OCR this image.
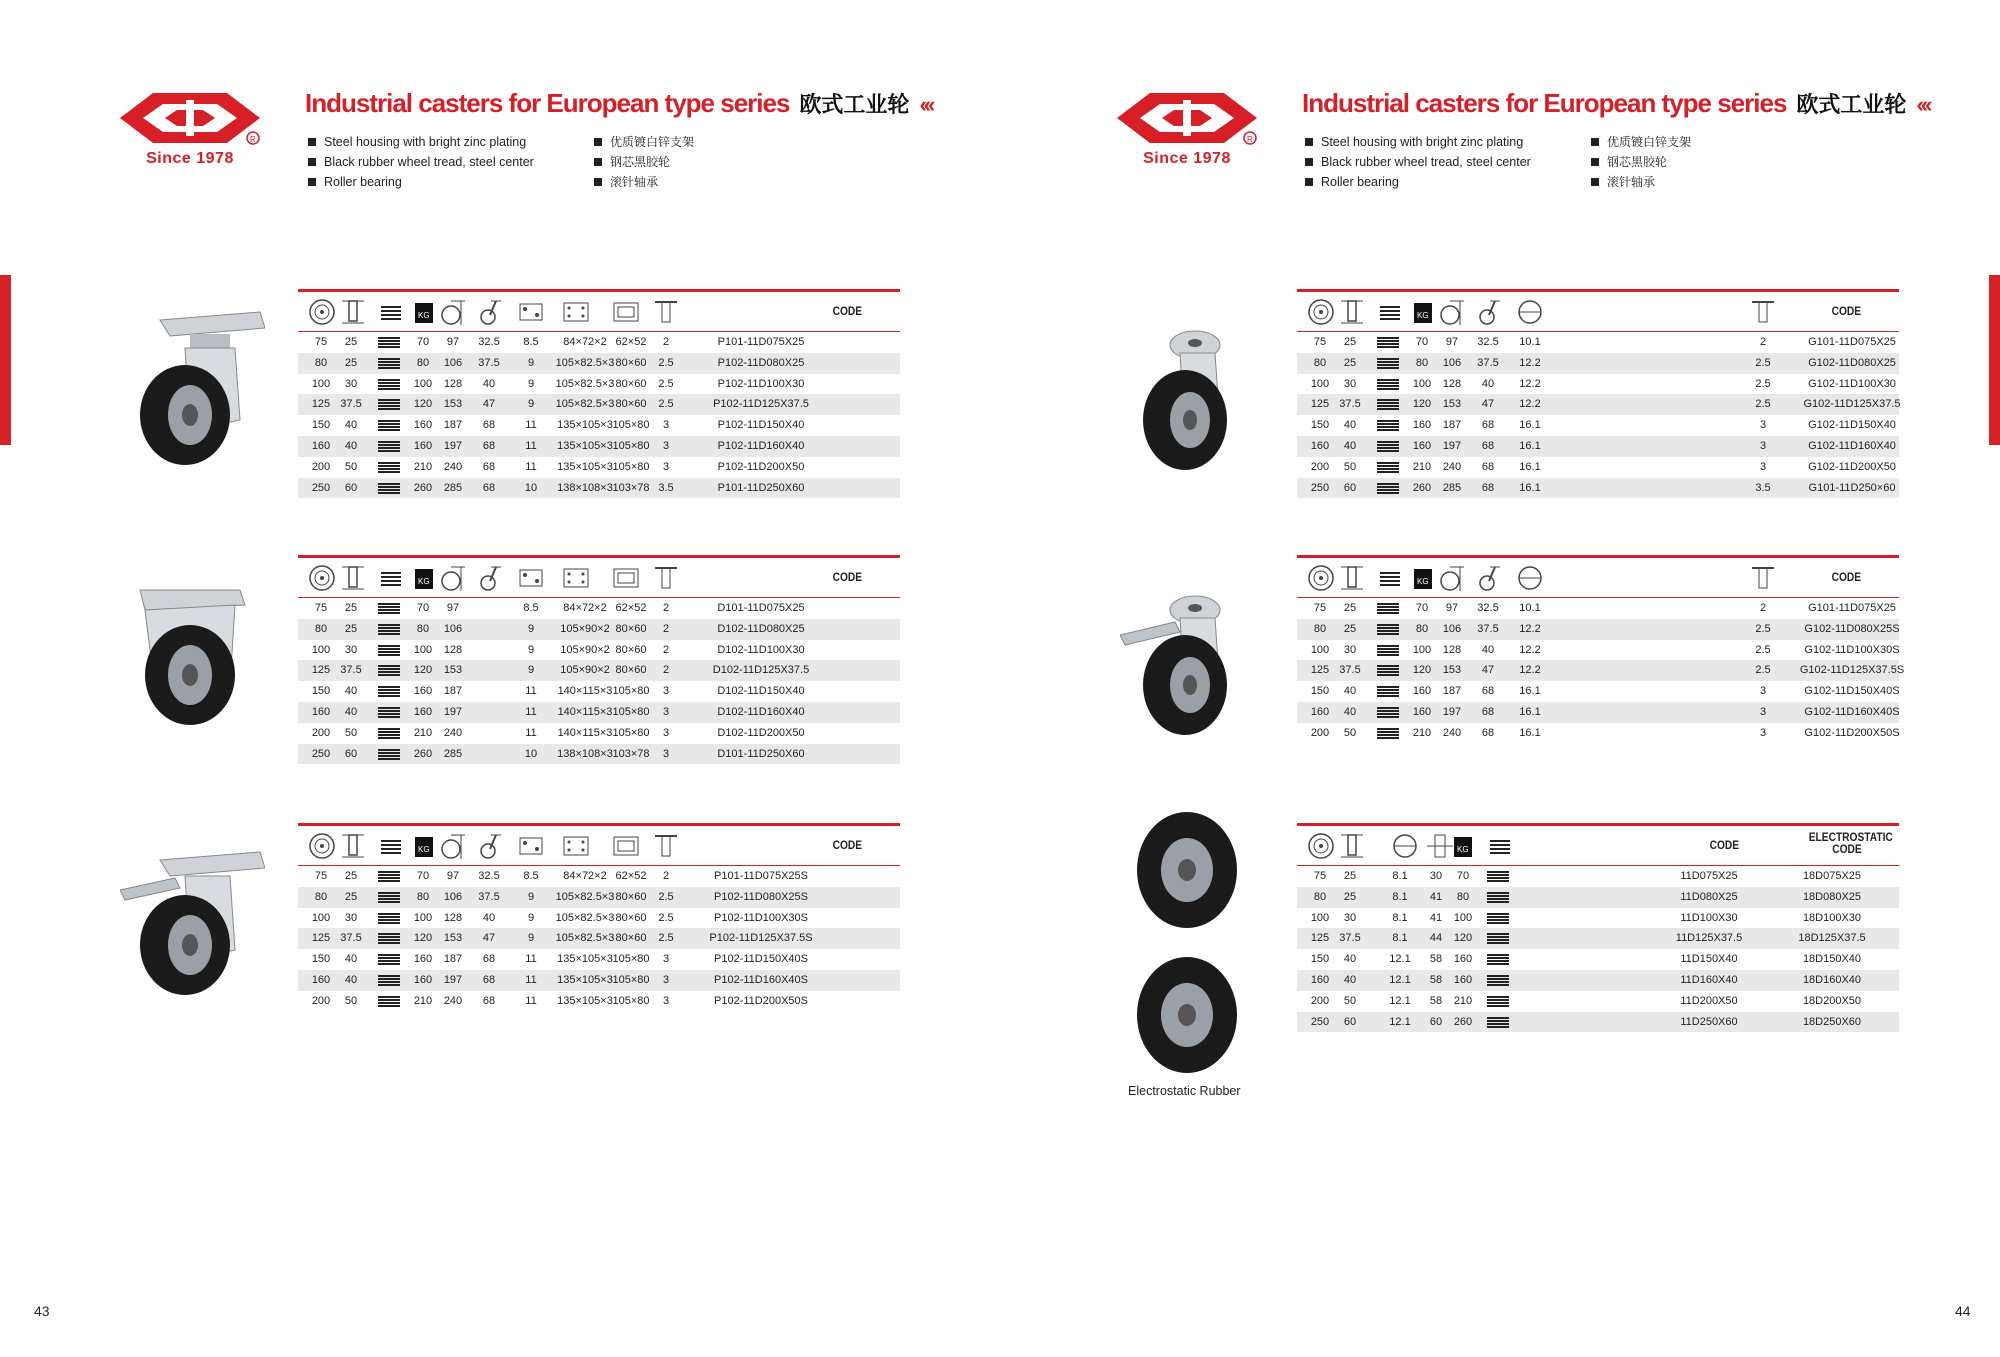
R
Since 1978
Industrial casters for European type series 欧式工业轮 ‹‹‹
Steel housing with bright zinc plating
Black rubber wheel tread, steel center
Roller bearing
优质镀白锌支架
钢芯黑胶轮
滚针轴承
KG	CODE
75	25	70	97	32.5	8.5	84×72×2 62×52	2	P101-11D075X25
80	25	80	106	37.5	9	105×82.5×3 80×60	2.5	P102-11D080X25
100	30	100	128	40	9	105×82.5×3 80×60	2.5	P102-11D100X30
125 37.5	120	153	47	9	105×82.5×3 80×60	2.5	P102-11D125X37.5
150	40	160	187	68	11	135×105×3 105×80	3	P102-11D150X40
160	40	160	197	68	11	135×105×3 105×80	3	P102-11D160X40
200	50	210	240	68	11	135×105×3 105×80	3	P102-11D200X50
250	60	260	285	68	10	138×108×3 103×78 3.5	P101-11D250X60
KG	CODE
75	25	70	97	8.5	84×72×2 62×52	2	D101-11D075X25
80	25	80	106	9	105×90×2 80×60	2	D102-11D080X25
100	30	100	128	9	105×90×2 80×60	2	D102-11D100X30
125 37.5	120	153	9	105×90×2 80×60	2	D102-11D125X37.5
150	40	160	187	11	140×115×3 105×80	3	D102-11D150X40
160	40	160	197	11	140×115×3 105×80	3	D102-11D160X40
200	50	210	240	11	140×115×3 105×80	3	D102-11D200X50
250	60	260	285	10	138×108×3 103×78	3	D101-11D250X60
KG	CODE
75	25	70	97	32.5	8.5	84×72×2 62×52	2	P101-11D075X25S
80	25	80	106	37.5	9	105×82.5×3 80×60	2.5	P102-11D080X25S
100	30	100	128	40	9	105×82.5×3 80×60	2.5	P102-11D100X30S
125 37.5	120	153	47	9	105×82.5×3 80×60	2.5	P102-11D125X37.5S
150	40	160	187	68	11	135×105×3 105×80	3	P102-11D150X40S
160	40	160	197	68	11	135×105×3 105×80	3	P102-11D160X40S
200	50	210	240	68	11	135×105×3 105×80	3	P102-11D200X50S
43
R
Since 1978
Industrial casters for European type series 欧式工业轮 ‹‹‹
Steel housing with bright zinc plating
Black rubber wheel tread, steel center
Roller bearing
优质镀白锌支架
钢芯黑胶轮
滚针轴承
Electrostatic Rubber
KG	CODE
75	25	70	97	32.5	10.1	2	G101-11D075X25
80	25	80	106	37.5	12.2	2.5	G102-11D080X25
100	30	100	128	40	12.2	2.5	G102-11D100X30
125 37.5	120	153	47	12.2	2.5	G102-11D125X37.5
150	40	160	187	68	16.1	3	G102-11D150X40
160	40	160	197	68	16.1	3	G102-11D160X40
200	50	210	240	68	16.1	3	G102-11D200X50
250	60	260	285	68	16.1	3.5	G101-11D250×60
KG	CODE
75	25	70	97	32.5	10.1	2	G101-11D075X25
80	25	80	106	37.5	12.2	2.5	G102-11D080X25S
100	30	100	128	40	12.2	2.5	G102-11D100X30S
125 37.5	120	153	47	12.2	2.5	G102-11D125X37.5S
150	40	160	187	68	16.1	3	G102-11D150X40S
160	40	160	197	68	16.1	3	G102-11D160X40S
200	50	210	240	68	16.1	3	G102-11D200X50S
KG	CODE
ELECTROSTATIC CODE
75	25	8.1	30	70	11D075X25	18D075X25
80	25	8.1	41	80	11D080X25	18D080X25
100	30	8.1	41	100	11D100X30	18D100X30
125 37.5	8.1	44	120	11D125X37.5	18D125X37.5
150	40	12.1	58	160	11D150X40	18D150X40
160	40	12.1	58	160	11D160X40	18D160X40
200	50	12.1	58	210	11D200X50	18D200X50
250	60	12.1	60	260	11D250X60	18D250X60
44
